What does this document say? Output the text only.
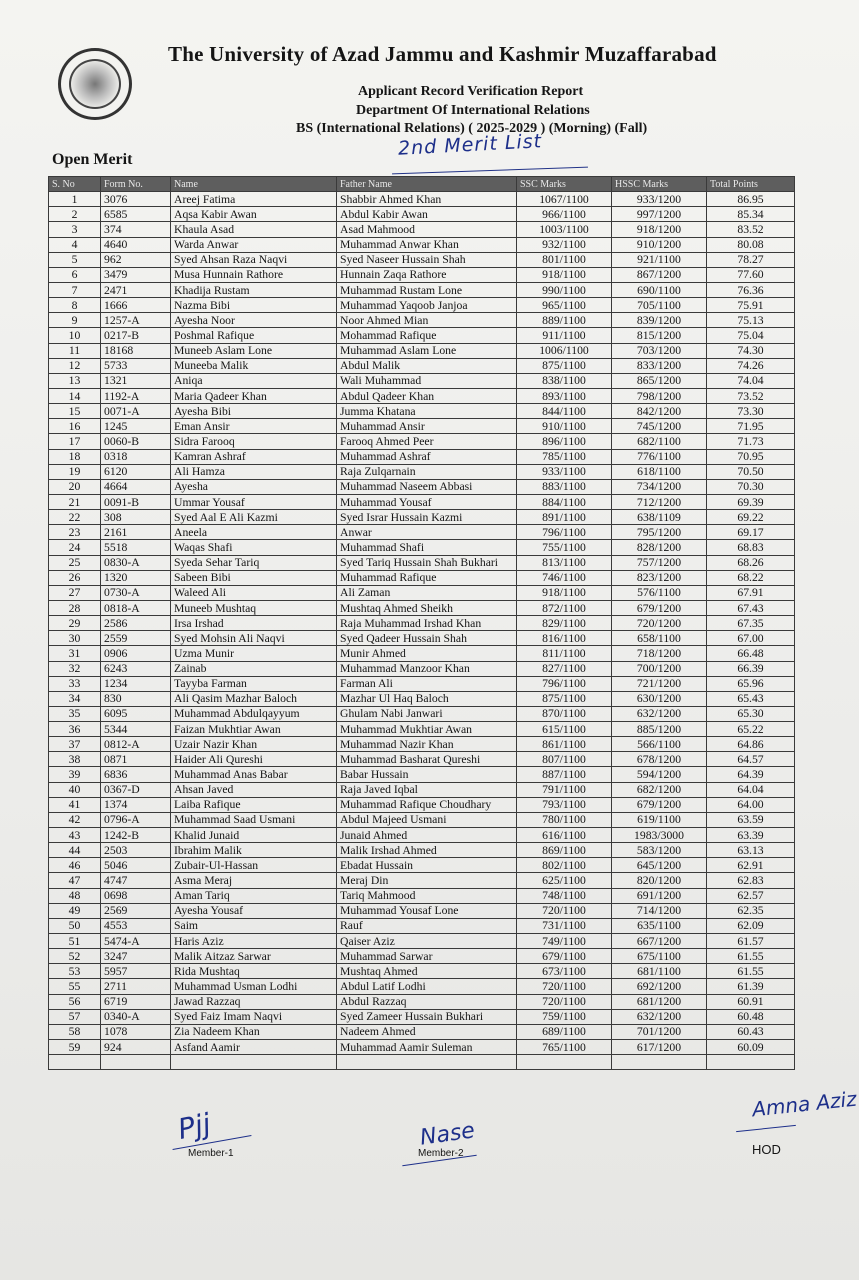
The University of Azad Jammu and Kashmir Muzaffarabad
Applicant Record Verification Report
Department Of International Relations
BS (International Relations) ( 2025-2029 ) (Morning) (Fall)
Open Merit	2nd Merit List
S. No	Form No.	Name	Father Name	SSC Marks	HSSC Marks	Total Points
1	3076	Areej Fatima	Shabbir Ahmed Khan	1067/1100	933/1200	86.95
2	6585	Aqsa Kabir Awan	Abdul Kabir Awan	966/1100	997/1200	85.34
3	374	Khaula Asad	Asad Mahmood	1003/1100	918/1200	83.52
4	4640	Warda Anwar	Muhammad Anwar Khan	932/1100	910/1200	80.08
5	962	Syed Ahsan Raza Naqvi	Syed Naseer Hussain Shah	801/1100	921/1100	78.27
6	3479	Musa Hunnain Rathore	Hunnain Zaqa Rathore	918/1100	867/1200	77.60
7	2471	Khadija Rustam	Muhammad Rustam Lone	990/1100	690/1100	76.36
8	1666	Nazma Bibi	Muhammad Yaqoob Janjoa	965/1100	705/1100	75.91
9	1257-A	Ayesha Noor	Noor Ahmed Mian	889/1100	839/1200	75.13
10	0217-B	Poshmal Rafique	Mohammad Rafique	911/1100	815/1200	75.04
11	18168	Muneeb Aslam Lone	Muhammad Aslam Lone	1006/1100	703/1200	74.30
12	5733	Muneeba Malik	Abdul Malik	875/1100	833/1200	74.26
13	1321	Aniqa	Wali Muhammad	838/1100	865/1200	74.04
14	1192-A	Maria Qadeer Khan	Abdul Qadeer Khan	893/1100	798/1200	73.52
15	0071-A	Ayesha Bibi	Jumma Khatana	844/1100	842/1200	73.30
16	1245	Eman Ansir	Muhammad Ansir	910/1100	745/1200	71.95
17	0060-B	Sidra Farooq	Farooq Ahmed Peer	896/1100	682/1100	71.73
18	0318	Kamran Ashraf	Muhammad Ashraf	785/1100	776/1100	70.95
19	6120	Ali Hamza	Raja Zulqarnain	933/1100	618/1100	70.50
20	4664	Ayesha	Muhammad Naseem Abbasi	883/1100	734/1200	70.30
21	0091-B	Ummar Yousaf	Muhammad Yousaf	884/1100	712/1200	69.39
22	308	Syed Aal E Ali Kazmi	Syed Israr Hussain Kazmi	891/1100	638/1109	69.22
23	2161	Aneela	Anwar	796/1100	795/1200	69.17
24	5518	Waqas Shafi	Muhammad Shafi	755/1100	828/1200	68.83
25	0830-A	Syeda Sehar Tariq	Syed Tariq Hussain Shah Bukhari	813/1100	757/1200	68.26
26	1320	Sabeen Bibi	Muhammad Rafique	746/1100	823/1200	68.22
27	0730-A	Waleed Ali	Ali Zaman	918/1100	576/1100	67.91
28	0818-A	Muneeb Mushtaq	Mushtaq Ahmed Sheikh	872/1100	679/1200	67.43
29	2586	Irsa Irshad	Raja Muhammad Irshad Khan	829/1100	720/1200	67.35
30	2559	Syed Mohsin Ali Naqvi	Syed Qadeer Hussain Shah	816/1100	658/1100	67.00
31	0906	Uzma Munir	Munir Ahmed	811/1100	718/1200	66.48
32	6243	Zainab	Muhammad Manzoor Khan	827/1100	700/1200	66.39
33	1234	Tayyba Farman	Farman Ali	796/1100	721/1200	65.96
34	830	Ali Qasim Mazhar Baloch	Mazhar Ul Haq Baloch	875/1100	630/1200	65.43
35	6095	Muhammad Abdulqayyum	Ghulam Nabi Janwari	870/1100	632/1200	65.30
36	5344	Faizan Mukhtiar Awan	Muhammad Mukhtiar Awan	615/1100	885/1200	65.22
37	0812-A	Uzair Nazir Khan	Muhammad Nazir Khan	861/1100	566/1100	64.86
38	0871	Haider Ali Qureshi	Muhammad Basharat Qureshi	807/1100	678/1200	64.57
39	6836	Muhammad Anas Babar	Babar Hussain	887/1100	594/1200	64.39
40	0367-D	Ahsan Javed	Raja Javed Iqbal	791/1100	682/1200	64.04
41	1374	Laiba Rafique	Muhammad Rafique Choudhary	793/1100	679/1200	64.00
42	0796-A	Muhammad Saad Usmani	Abdul Majeed Usmani	780/1100	619/1100	63.59
43	1242-B	Khalid Junaid	Junaid Ahmed	616/1100	1983/3000	63.39
44	2503	Ibrahim Malik	Malik Irshad Ahmed	869/1100	583/1200	63.13
46	5046	Zubair-Ul-Hassan	Ebadat Hussain	802/1100	645/1200	62.91
47	4747	Asma Meraj	Meraj Din	625/1100	820/1200	62.83
48	0698	Aman Tariq	Tariq Mahmood	748/1100	691/1200	62.57
49	2569	Ayesha Yousaf	Muhammad Yousaf Lone	720/1100	714/1200	62.35
50	4553	Saim	Rauf	731/1100	635/1100	62.09
51	5474-A	Haris Aziz	Qaiser Aziz	749/1100	667/1200	61.57
52	3247	Malik Aitzaz Sarwar	Muhammad Sarwar	679/1100	675/1100	61.55
53	5957	Rida Mushtaq	Mushtaq Ahmed	673/1100	681/1100	61.55
55	2711	Muhammad Usman Lodhi	Abdul Latif Lodhi	720/1100	692/1200	61.39
56	6719	Jawad Razzaq	Abdul Razzaq	720/1100	681/1200	60.91
57	0340-A	Syed Faiz Imam Naqvi	Syed Zameer Hussain Bukhari	759/1100	632/1200	60.48
58	1078	Zia Nadeem Khan	Nadeem Ahmed	689/1100	701/1200	60.43
59	924	Asfand Aamir	Muhammad Aamir Suleman	765/1100	617/1200	60.09

Pjj
Member-1
Nase
Member-2
Amna Aziz
HOD
